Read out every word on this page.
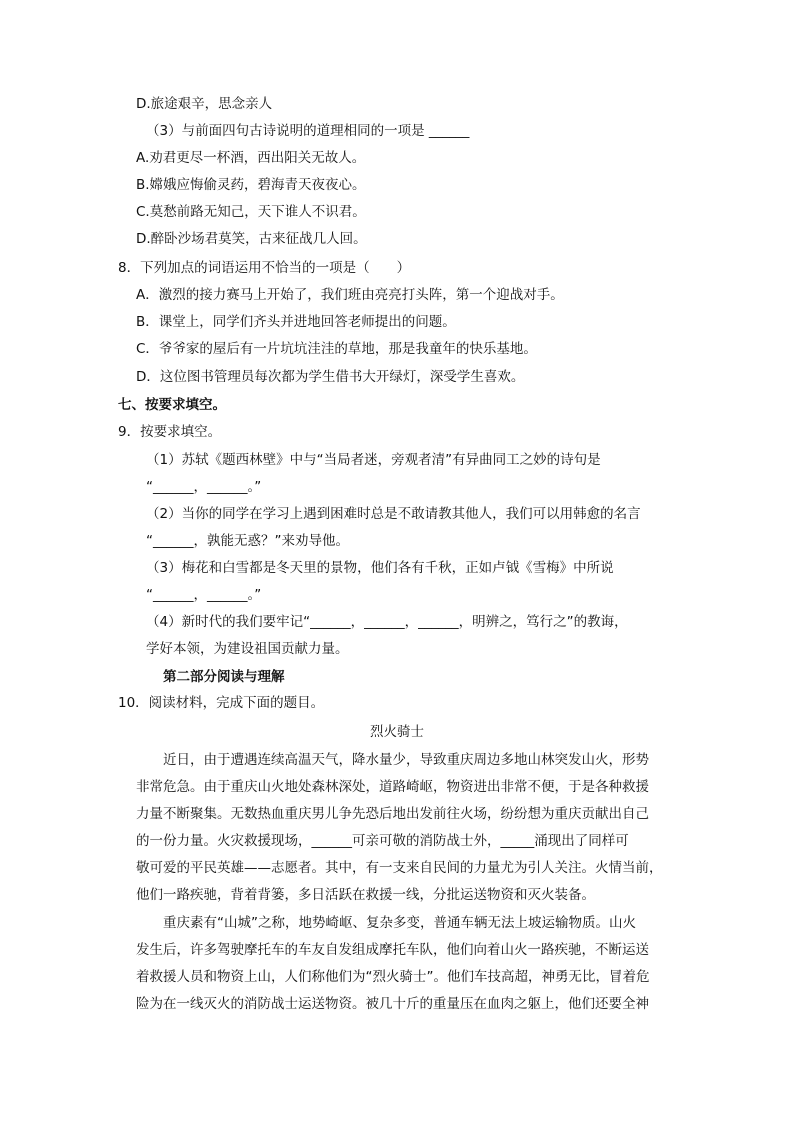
D.旅途艰辛，思念亲人
（3）与前面四句古诗说明的道理相同的一项是 ______
A.劝君更尽一杯酒，西出阳关无故人。
B.嫦娥应悔偷灵药，碧海青天夜夜心。
C.莫愁前路无知己，天下谁人不识君。
D.醉卧沙场君莫笑，古来征战几人回。
8．下列加点的词语运用不恰当的一项是（　　）
A．激烈的接力赛马上开始了，我们班由亮亮打头阵，第一个迎战对手。
B．课堂上，同学们齐头并进地回答老师提出的问题。
C．爷爷家的屋后有一片坑坑洼洼的草地，那是我童年的快乐基地。
D．这位图书管理员每次都为学生借书大开绿灯，深受学生喜欢。
七、按要求填空。
9．按要求填空。
（1）苏轼《题西林壁》中与“当局者迷，旁观者清”有异曲同工之妙的诗句是
“______，______。”
（2）当你的同学在学习上遇到困难时总是不敢请教其他人，我们可以用韩愈的名言
“______，孰能无惑？”来劝导他。
（3）梅花和白雪都是冬天里的景物，他们各有千秋，正如卢钺《雪梅》中所说
“______，______。”
（4）新时代的我们要牢记“______，______，______，明辨之，笃行之”的教诲，
学好本领，为建设祖国贡献力量。
第二部分阅读与理解
10．阅读材料，完成下面的题目。
烈火骑士
近日，由于遭遇连续高温天气，降水量少，导致重庆周边多地山林突发山火，形势
非常危急。由于重庆山火地处森林深处，道路崎岖，物资进出非常不便，于是各种救援
力量不断聚集。无数热血重庆男儿争先恐后地出发前往火场，纷纷想为重庆贡献出自己
的一份力量。火灾救援现场，______可亲可敬的消防战士外，_____涌现出了同样可
敬可爱的平民英雄——志愿者。其中，有一支来自民间的力量尤为引人关注。火情当前，
他们一路疾驰，背着背篓，多日活跃在救援一线，分批运送物资和灭火装备。
重庆素有“山城”之称，地势崎岖、复杂多变，普通车辆无法上坡运输物质。山火
发生后，许多驾驶摩托车的车友自发组成摩托车队，他们向着山火一路疾驰，不断运送
着救援人员和物资上山，人们称他们为“烈火骑士”。他们车技高超，神勇无比，冒着危
险为在一线灭火的消防战士运送物资。被几十斤的重量压在血肉之躯上，他们还要全神
